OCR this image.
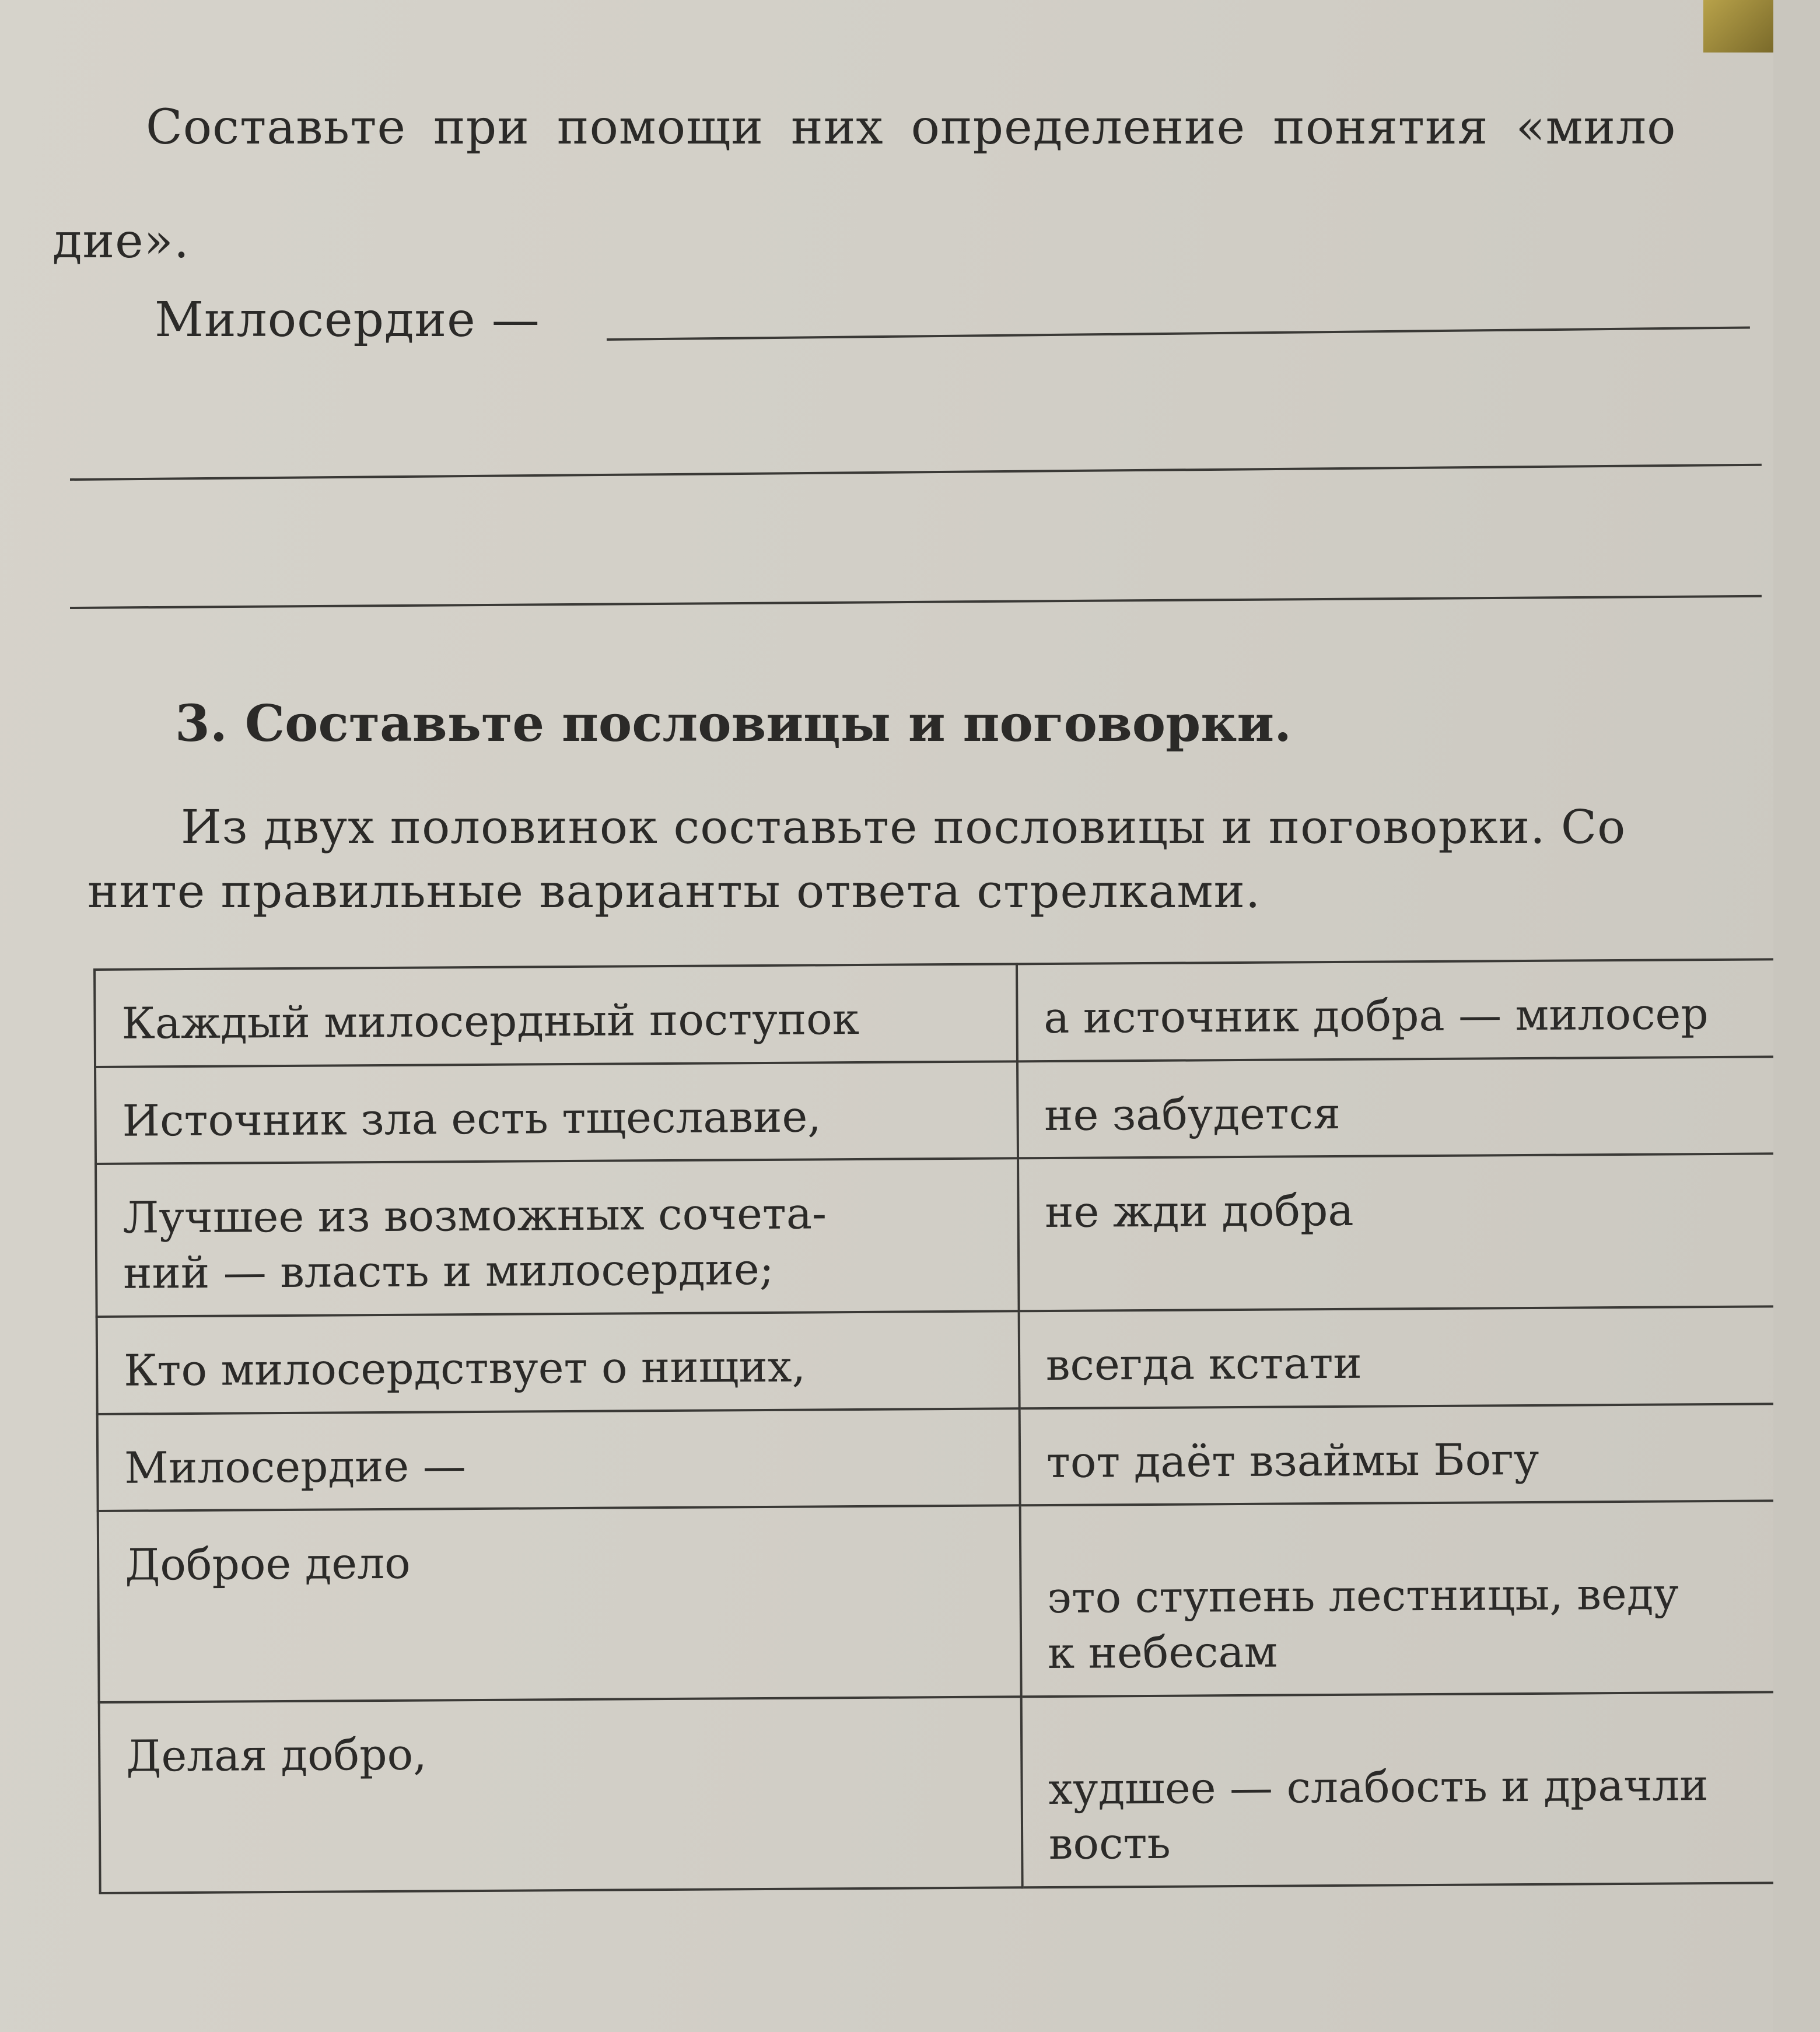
Составьте при помощи них определение понятия «мило
дие».
Милосердие —
3. Составьте пословицы и поговорки.
Из двух половинок составьте пословицы и поговорки. Со
ните правильные варианты ответа стрелками.
Каждый милосердный поступок	а источник добра — милосер

Источник зла есть тщеславие,	не забудется

Лучшее из возможных сочета-
ний — власть и милосердие;	не жди добра

Кто милосердствует о нищих,	всегда кстати

Милосердие —	тот даёт взаймы Богу

Доброе дело	это ступень лестницы, веду
к небесам

Делая добро,	худшее — слабость и драчли
вость
